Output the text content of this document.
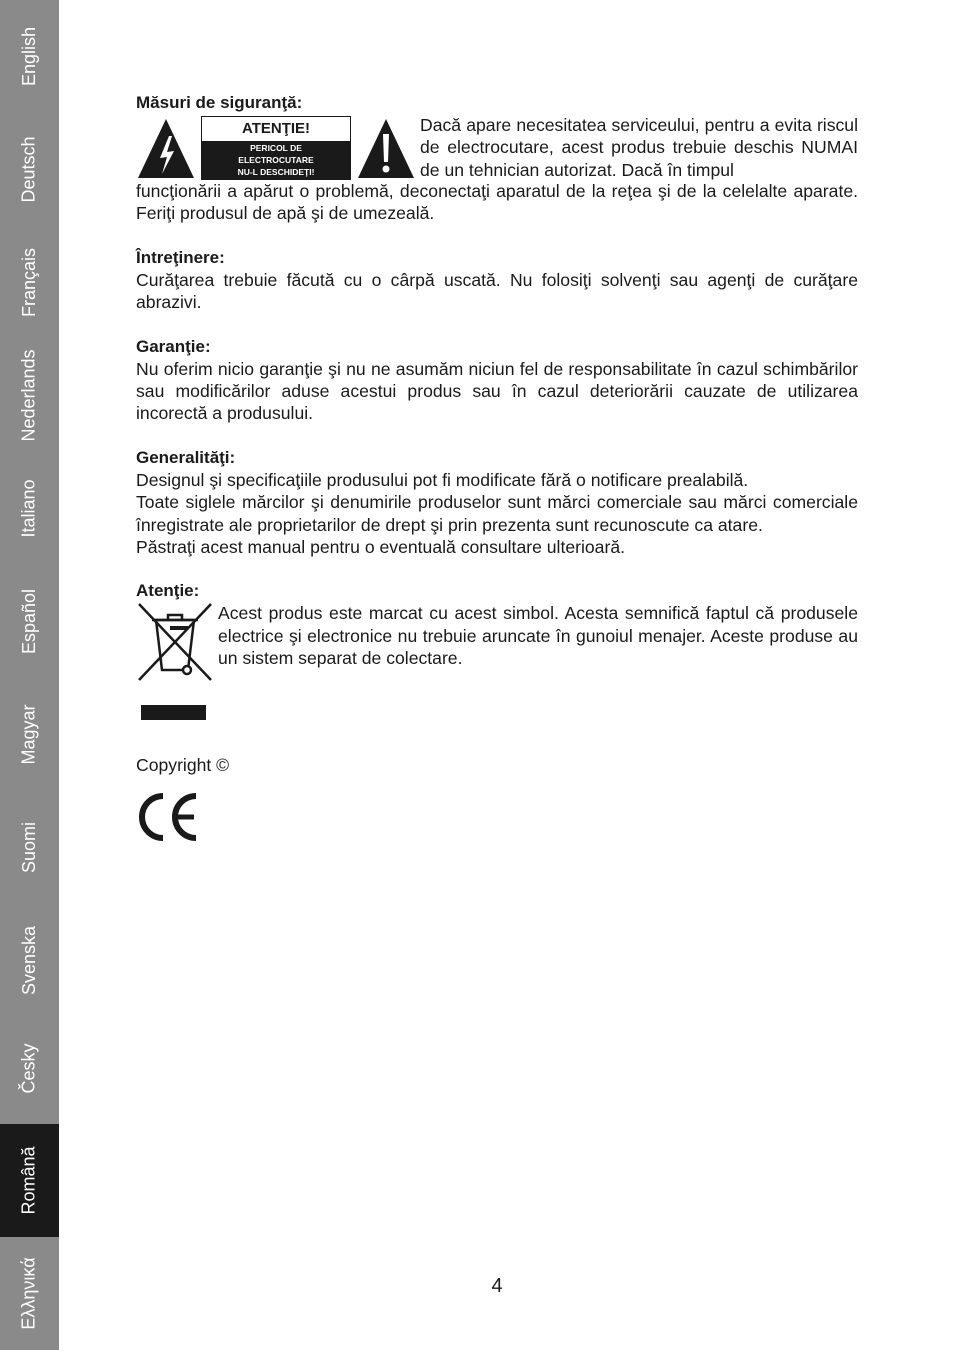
English
Deutsch
Français
Nederlands
Italiano
Español
Magyar
Suomi
Svenska
Česky
Română
Ελληνικά

Măsuri de siguranţă:

ATENŢIE!
PERICOL DE
ELECTROCUTARE
NU-L DESCHIDEŢI!
Dacă apare necesitatea serviceului, pentru a evita riscul de electrocutare, acest produs trebuie deschis NUMAI de un tehnician autorizat. Dacă în timpul

funcţionării a apărut o problemă, deconectaţi aparatul de la reţea şi de la celelalte aparate. Feriţi produsul de apă şi de umezeală.

Întreţinere:

Curăţarea trebuie făcută cu o cârpă uscată. Nu folosiţi solvenţi sau agenţi de curăţare abrazivi.

Garanţie:

Nu oferim nicio garanţie şi nu ne asumăm niciun fel de responsabilitate în cazul schimbărilor sau modificărilor aduse acestui produs sau în cazul deteriorării cauzate de utilizarea incorectă a produsului.

Generalităţi:

Designul şi specificaţiile produsului pot fi modificate fără o notificare prealabilă.

Toate siglele mărcilor şi denumirile produselor sunt mărci comerciale sau mărci comerciale înregistrate ale proprietarilor de drept şi prin prezenta sunt recunoscute ca atare.

Păstraţi acest manual pentru o eventuală consultare ulterioară.

Atenţie:

Acest produs este marcat cu acest simbol. Acesta semnifică faptul că produsele electrice şi electronice nu trebuie aruncate în gunoiul menajer. Aceste produse au un sistem separat de colectare.
Copyright ©
4
